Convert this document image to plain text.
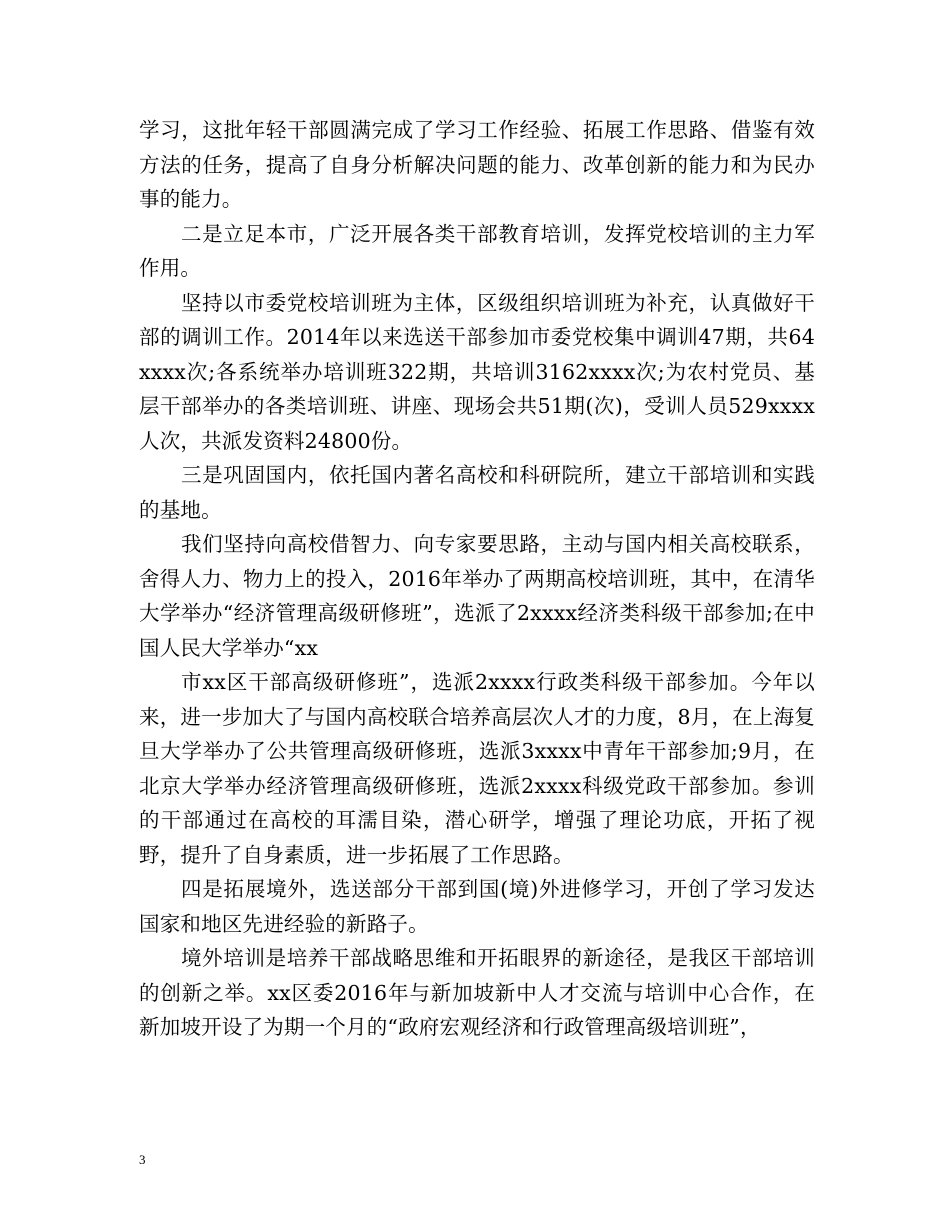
学习，这批年轻干部圆满完成了学习工作经验、拓展工作思路、借鉴有效方法的任务，提高了自身分析解决问题的能力、改革创新的能力和为民办事的能力。

二是立足本市，广泛开展各类干部教育培训，发挥党校培训的主力军作用。

坚持以市委党校培训班为主体，区级组织培训班为补充，认真做好干部的调训工作。2014年以来选送干部参加市委党校集中调训47期，共64xxxx次;各系统举办培训班322期，共培训3162xxxx次;为农村党员、基层干部举办的各类培训班、讲座、现场会共51期(次)，受训人员529xxxx人次，共派发资料24800份。

三是巩固国内，依托国内著名高校和科研院所，建立干部培训和实践的基地。

我们坚持向高校借智力、向专家要思路，主动与国内相关高校联系，舍得人力、物力上的投入，2016年举办了两期高校培训班，其中，在清华大学举办“经济管理高级研修班”，选派了2xxxx经济类科级干部参加;在中国人民大学举办“xx

市xx区干部高级研修班”，选派2xxxx行政类科级干部参加。今年以来，进一步加大了与国内高校联合培养高层次人才的力度，8月，在上海复旦大学举办了公共管理高级研修班，选派3xxxx中青年干部参加;9月，在北京大学举办经济管理高级研修班，选派2xxxx科级党政干部参加。参训的干部通过在高校的耳濡目染，潜心研学，增强了理论功底，开拓了视野，提升了自身素质，进一步拓展了工作思路。

四是拓展境外，选送部分干部到国(境)外进修学习，开创了学习发达国家和地区先进经验的新路子。

境外培训是培养干部战略思维和开拓眼界的新途径，是我区干部培训的创新之举。xx区委2016年与新加坡新中人才交流与培训中心合作，在新加坡开设了为期一个月的“政府宏观经济和行政管理高级培训班”，

3
